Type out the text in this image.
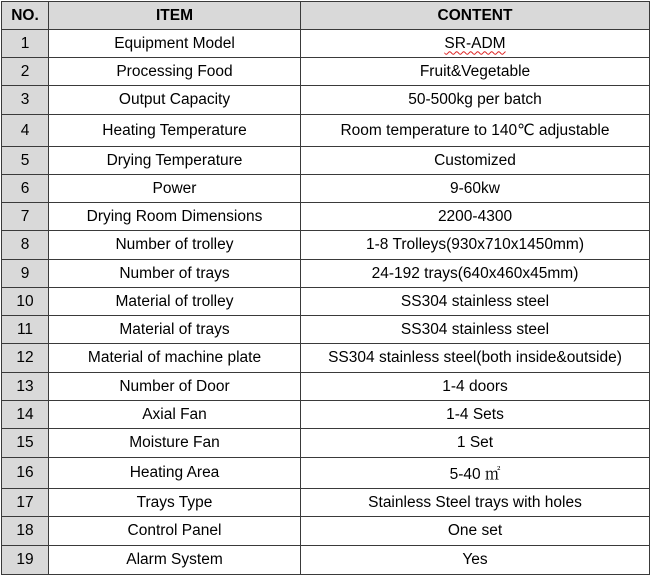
NO.	ITEM	CONTENT
1	Equipment Model	SR-ADM
2	Processing Food	Fruit&Vegetable
3	Output Capacity	50-500kg per batch
4	Heating Temperature	Room temperature to 140℃ adjustable
5	Drying Temperature	Customized
6	Power	9-60kw
7	Drying Room Dimensions	2200-4300
8	Number of trolley	1-8 Trolleys(930x710x1450mm)
9	Number of trays	24-192 trays(640x460x45mm)
10	Material of trolley	SS304 stainless steel
11	Material of trays	SS304 stainless steel
12	Material of machine plate	SS304 stainless steel(both inside&outside)
13	Number of Door	1-4 doors
14	Axial Fan	1-4 Sets
15	Moisture Fan	1 Set
16	Heating Area	5-40 ㎡
17	Trays Type	Stainless Steel trays with holes
18	Control Panel	One set
19	Alarm System	Yes
